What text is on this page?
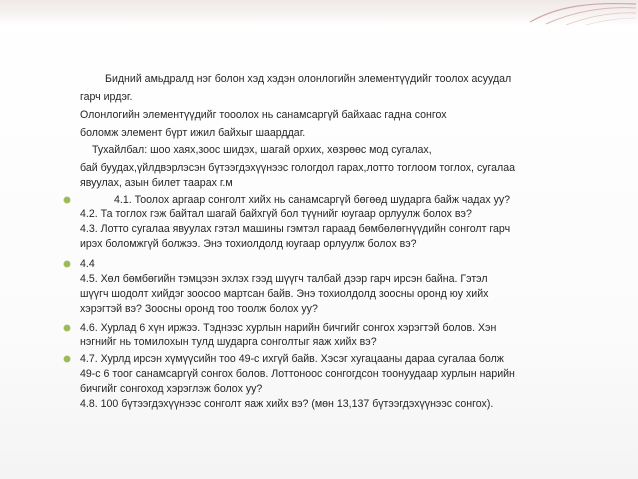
Бидний амьдралд нэг болон хэд хэдэн олонлогийн элементүүдийг тоолох асуудал
гарч ирдэг.
Олонлогийн элементүүдийг тооолох нь санамсаргүй байхаас гадна сонгох
боломж элемент бүрт ижил байхыг шаарддаг.
Тухайлбал: шоо хаях,зоос шидэх, шагай орхих, хөзрөөс мод сугалах,
бай буудах,үйлдвэрлэсэн бүтээгдэхүүнээс гологдол гарах,лотто тоглоом тоглох, сугалаа
явуулах, азын билет таарах г.м
4.1. Тоолох аргаар сонголт хийх нь санамсаргүй бөгөөд шударга байж чадах уу?
4.2. Та тоглох гэж байтал шагай байхгүй бол түүнийг юугаар орлуулж болох вэ?
4.3. Лотто сугалаа явуулах гэтэл машины гэмтэл гараад бөмбөлөгнүүдийн сонголт гарч
ирэх боломжгүй болжээ. Энэ тохиолдолд юугаар орлуулж болох вэ?
4.4
4.5. Хөл бөмбөгийн тэмцээн эхлэх гээд шүүгч талбай дээр гарч ирсэн байна. Гэтэл
шүүгч шодолт хийдэг зоосоо мартсан байв. Энэ тохиолдолд зоосны оронд юу хийх
хэрэгтэй вэ? Зоосны оронд тоо тоолж болох уу?
4.6. Хурлад 6 хүн иржээ. Тэднээс хурлын нарийн бичгийг сонгох хэрэгтэй болов. Хэн
нэгнийг нь томилохын тулд шударга сонголтыг яаж хийх вэ?
4.7. Хурлд ирсэн хүмүүсийн тоо 49-с ихгүй байв. Хэсэг хугацааны дараа сугалаа болж
49-с 6 тоог санамсаргүй сонгох болов. Лоттоноос сонгогдсон тоонуудаар хурлын нарийн
бичгийг сонгоход хэрэглэж болох уу?
4.8. 100 бүтээгдэхүүнээс сонголт яаж хийх вэ? (мөн 13,137 бүтээгдэхүүнээс сонгох).
